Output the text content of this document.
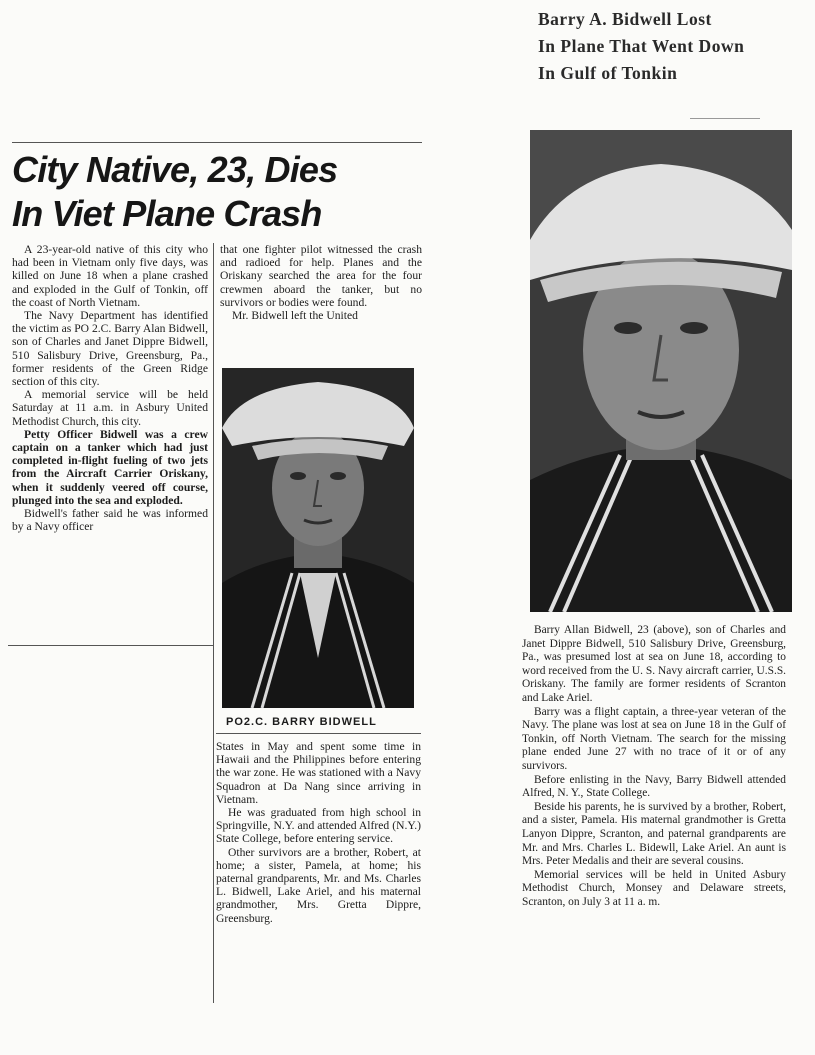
Barry A. Bidwell Lost
In Plane That Went Down
In Gulf of Tonkin
City Native, 23, Dies
In Viet Plane Crash

A 23-year-old native of this city who had been in Vietnam only five days, was killed on June 18 when a plane crashed and exploded in the Gulf of Tonkin, off the coast of North Vietnam.

The Navy Department has identified the victim as PO 2.C. Barry Alan Bidwell, son of Charles and Janet Dippre Bidwell, 510 Salisbury Drive, Greensburg, Pa., former residents of the Green Ridge section of this city.

A memorial service will be held Saturday at 11 a.m. in Asbury United Methodist Church, this city.

Petty Officer Bidwell was a crew captain on a tanker which had just completed in-flight fueling of two jets from the Aircraft Carrier Oriskany, when it suddenly veered off course, plunged into the sea and exploded.

Bidwell's father said he was informed by a Navy officer

that one fighter pilot witnessed the crash and radioed for help. Planes and the Oriskany searched the area for the four crewmen aboard the tanker, but no survivors or bodies were found.

Mr. Bidwell left the United

PO2.C. BARRY BIDWELL

States in May and spent some time in Hawaii and the Philippines before entering the war zone. He was stationed with a Navy Squadron at Da Nang since arriving in Vietnam.

He was graduated from high school in Springville, N.Y. and attended Alfred (N.Y.) State College, before entering service.

Other survivors are a brother, Robert, at home; a sister, Pamela, at home; his paternal grandparents, Mr. and Ms. Charles L. Bidwell, Lake Ariel, and his maternal grandmother, Mrs. Gretta Dippre, Greensburg.

Barry Allan Bidwell, 23 (above), son of Charles and Janet Dippre Bidwell, 510 Salisbury Drive, Greensburg, Pa., was presumed lost at sea on June 18, according to word received from the U. S. Navy aircraft carrier, U.S.S. Oriskany. The family are former residents of Scranton and Lake Ariel.

Barry was a flight captain, a three-year veteran of the Navy. The plane was lost at sea on June 18 in the Gulf of Tonkin, off North Vietnam. The search for the missing plane ended June 27 with no trace of it or of any survivors.

Before enlisting in the Navy, Barry Bidwell attended Alfred, N. Y., State College.

Beside his parents, he is survived by a brother, Robert, and a sister, Pamela. His maternal grandmother is Gretta Lanyon Dippre, Scranton, and paternal grandparents are Mr. and Mrs. Charles L. Bidewll, Lake Ariel. An aunt is Mrs. Peter Medalis and their are several cousins.

Memorial services will be held in United Asbury Methodist Church, Monsey and Delaware streets, Scranton, on July 3 at 11 a. m.
